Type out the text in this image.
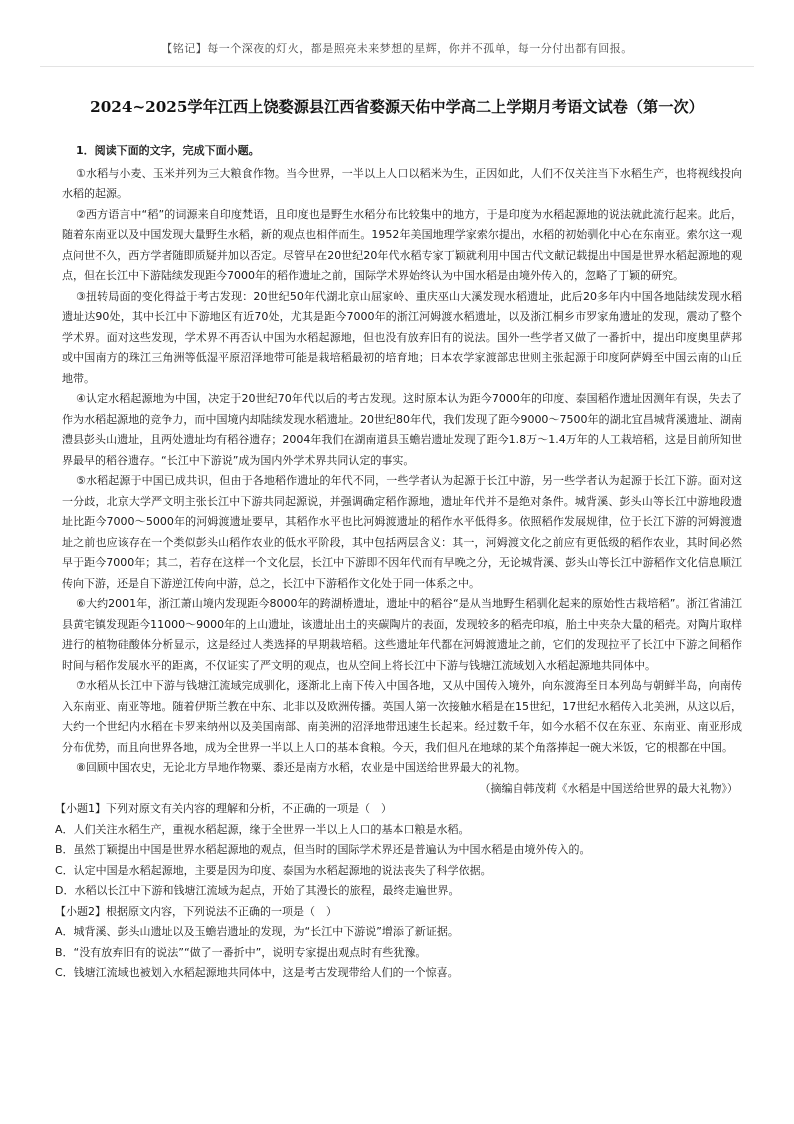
【铭记】每一个深夜的灯火，都是照亮未来梦想的星辉，你并不孤单，每一分付出都有回报。
2024~2025学年江西上饶婺源县江西省婺源天佑中学高二上学期月考语文试卷（第一次）
1．阅读下面的文字，完成下面小题。

①水稻与小麦、玉米并列为三大粮食作物。当今世界，一半以上人口以稻米为生，正因如此，人们不仅关注当下水稻生产，也将视线投向水稻的起源。

②西方语言中“稻”的词源来自印度梵语，且印度也是野生水稻分布比较集中的地方，于是印度为水稻起源地的说法就此流行起来。此后，随着东南亚以及中国发现大量野生水稻，新的观点也相伴而生。1952年美国地理学家索尔提出，水稻的初始驯化中心在东南亚。索尔这一观点问世不久，西方学者随即质疑并加以否定。尽管早在20世纪20年代水稻专家丁颖就利用中国古代文献记载提出中国是世界水稻起源地的观点，但在长江中下游陆续发现距今7000年的稻作遗址之前，国际学术界始终认为中国水稻是由境外传入的，忽略了丁颖的研究。

③扭转局面的变化得益于考古发现：20世纪50年代湖北京山屈家岭、重庆巫山大溪发现水稻遗址，此后20多年内中国各地陆续发现水稻遗址达90处，其中长江中下游地区有近70处，尤其是距今7000年的浙江河姆渡水稻遗址，以及浙江桐乡市罗家角遗址的发现，震动了整个学术界。面对这些发现，学术界不再否认中国为水稻起源地，但也没有放弃旧有的说法。国外一些学者又做了一番折中，提出印度奥里萨邦或中国南方的珠江三角洲等低湿平原沼泽地带可能是栽培稻最初的培育地；日本农学家渡部忠世则主张起源于印度阿萨姆至中国云南的山丘地带。

④认定水稻起源地为中国，决定于20世纪70年代以后的考古发现。这时原本认为距今7000年的印度、泰国稻作遗址因测年有误，失去了作为水稻起源地的竞争力，而中国境内却陆续发现水稻遗址。20世纪80年代，我们发现了距今9000～7500年的湖北宜昌城背溪遗址、湖南澧县彭头山遗址，且两处遗址均有稻谷遗存；2004年我们在湖南道县玉蟾岩遗址发现了距今1.8万～1.4万年的人工栽培稻，这是目前所知世界最早的稻谷遗存。“长江中下游说”成为国内外学术界共同认定的事实。

⑤水稻起源于中国已成共识，但由于各地稻作遗址的年代不同，一些学者认为起源于长江中游，另一些学者认为起源于长江下游。面对这一分歧，北京大学严文明主张长江中下游共同起源说，并强调确定稻作源地，遗址年代并不是绝对条件。城背溪、彭头山等长江中游地段遗址比距今7000～5000年的河姆渡遗址要早，其稻作水平也比河姆渡遗址的稻作水平低得多。依照稻作发展规律，位于长江下游的河姆渡遗址之前也应该存在一个类似彭头山稻作农业的低水平阶段，其中包括两层含义：其一，河姆渡文化之前应有更低级的稻作农业，其时间必然早于距今7000年；其二，若存在这样一个文化层，长江中下游即不因年代而有早晚之分，无论城背溪、彭头山等长江中游稻作文化信息顺江传向下游，还是自下游逆江传向中游，总之，长江中下游稻作文化处于同一体系之中。

⑥大约2001年，浙江萧山境内发现距今8000年的跨湖桥遗址，遗址中的稻谷“是从当地野生稻驯化起来的原始性古栽培稻”。浙江省浦江县黄宅镇发现距今11000～9000年的上山遗址，该遗址出土的夹碳陶片的表面，发现较多的稻壳印痕，胎土中夹杂大量的稻壳。对陶片取样进行的植物硅酸体分析显示，这是经过人类选择的早期栽培稻。这些遗址年代都在河姆渡遗址之前，它们的发现拉平了长江中下游之间稻作时间与稻作发展水平的距离，不仅证实了严文明的观点，也从空间上将长江中下游与钱塘江流域划入水稻起源地共同体中。

⑦水稻从长江中下游与钱塘江流域完成驯化，逐渐北上南下传入中国各地，又从中国传入境外，向东渡海至日本列岛与朝鲜半岛，向南传入东南亚、南亚等地。随着伊斯兰教在中东、北非以及欧洲传播。英国人第一次接触水稻是在15世纪，17世纪水稻传入北美洲，从这以后，大约一个世纪内水稻在卡罗来纳州以及美国南部、南美洲的沼泽地带迅速生长起来。经过数千年，如今水稻不仅在东亚、东南亚、南亚形成分布优势，而且向世界各地，成为全世界一半以上人口的基本食粮。今天，我们但凡在地球的某个角落捧起一碗大米饭，它的根都在中国。

⑧回顾中国农史，无论北方旱地作物粟、黍还是南方水稻，农业是中国送给世界最大的礼物。

（摘编自韩茂莉《水稻是中国送给世界的最大礼物》）

【小题1】下列对原文有关内容的理解和分析，不正确的一项是（　）

A．人们关注水稻生产，重视水稻起源，缘于全世界一半以上人口的基本口粮是水稻。

B．虽然丁颖提出中国是世界水稻起源地的观点，但当时的国际学术界还是普遍认为中国水稻是由境外传入的。

C．认定中国是水稻起源地，主要是因为印度、泰国为水稻起源地的说法丧失了科学依据。

D．水稻以长江中下游和钱塘江流域为起点，开始了其漫长的旅程，最终走遍世界。

【小题2】根据原文内容，下列说法不正确的一项是（　）

A．城背溪、彭头山遗址以及玉蟾岩遗址的发现，为“长江中下游说”增添了新证据。

B．“没有放弃旧有的说法”“做了一番折中”，说明专家提出观点时有些犹豫。

C．钱塘江流域也被划入水稻起源地共同体中，这是考古发现带给人们的一个惊喜。
